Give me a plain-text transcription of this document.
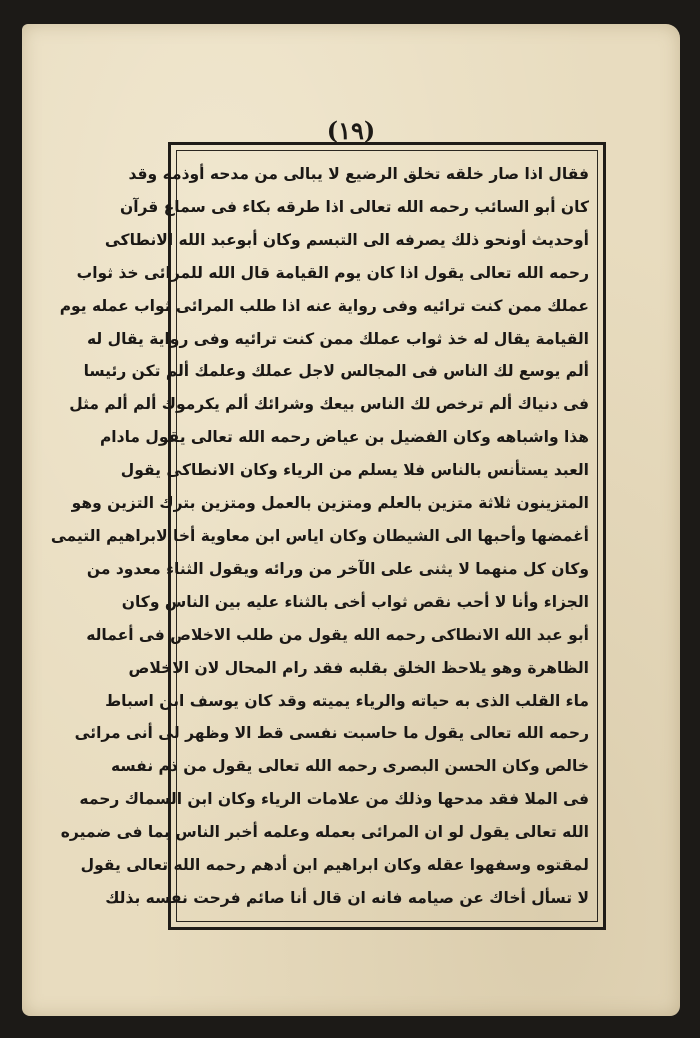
(١٩)
فقال اذا صار خلقه تخلق الرضيع لا يبالى من مدحه أوذمه وقد
كان أبو السائب رحمه الله تعالى اذا طرقه بكاء فى سماع قرآن
أوحديث أونحو ذلك يصرفه الى التبسم وكان أبوعبد الله الانطاكى
رحمه الله تعالى يقول اذا كان يوم القيامة قال الله للمرائى خذ ثواب
عملك ممن كنت ترائيه وفى رواية عنه اذا طلب المرائى ثواب عمله يوم
القيامة يقال له خذ ثواب عملك ممن كنت ترائيه وفى رواية يقال له
ألم يوسع لك الناس فى المجالس لاجل عملك وعلمك ألم تكن رئيسا
فى دنياك ألم ترخص لك الناس بيعك وشرائك ألم يكرموك ألم ألم مثل
هذا واشباهه وكان الفضيل بن عياض رحمه الله تعالى يقول مادام
العبد يستأنس بالناس فلا يسلم من الرياء وكان الانطاكى يقول
المتزينون ثلاثة متزين بالعلم ومتزين بالعمل ومتزين بترك التزين وهو
أغمضها وأحبها الى الشيطان وكان اياس ابن معاوية أخا لابراهيم التيمى
وكان كل منهما لا يثنى على الآخر من ورائه ويقول الثناء معدود من
الجزاء وأنا لا أحب نقص ثواب أخى بالثناء عليه بين الناس وكان
أبو عبد الله الانطاكى رحمه الله يقول من طلب الاخلاص فى أعماله
الظاهرة وهو يلاحظ الخلق بقلبه فقد رام المحال لان الاخلاص
ماء القلب الذى به حياته والرياء يميته وقد كان يوسف ابن اسباط
رحمه الله تعالى يقول ما حاسبت نفسى قط الا وظهر لى أنى مرائى
خالص وكان الحسن البصرى رحمه الله تعالى يقول من ذم نفسه
فى الملا فقد مدحها وذلك من علامات الرياء وكان ابن السماك رحمه
الله تعالى يقول لو ان المرائى بعمله وعلمه أخبر الناس بما فى ضميره
لمقتوه وسفهوا عقله وكان ابراهيم ابن أدهم رحمه الله تعالى يقول
لا تسأل أخاك عن صيامه فانه ان قال أنا صائم فرحت نفسه بذلك
